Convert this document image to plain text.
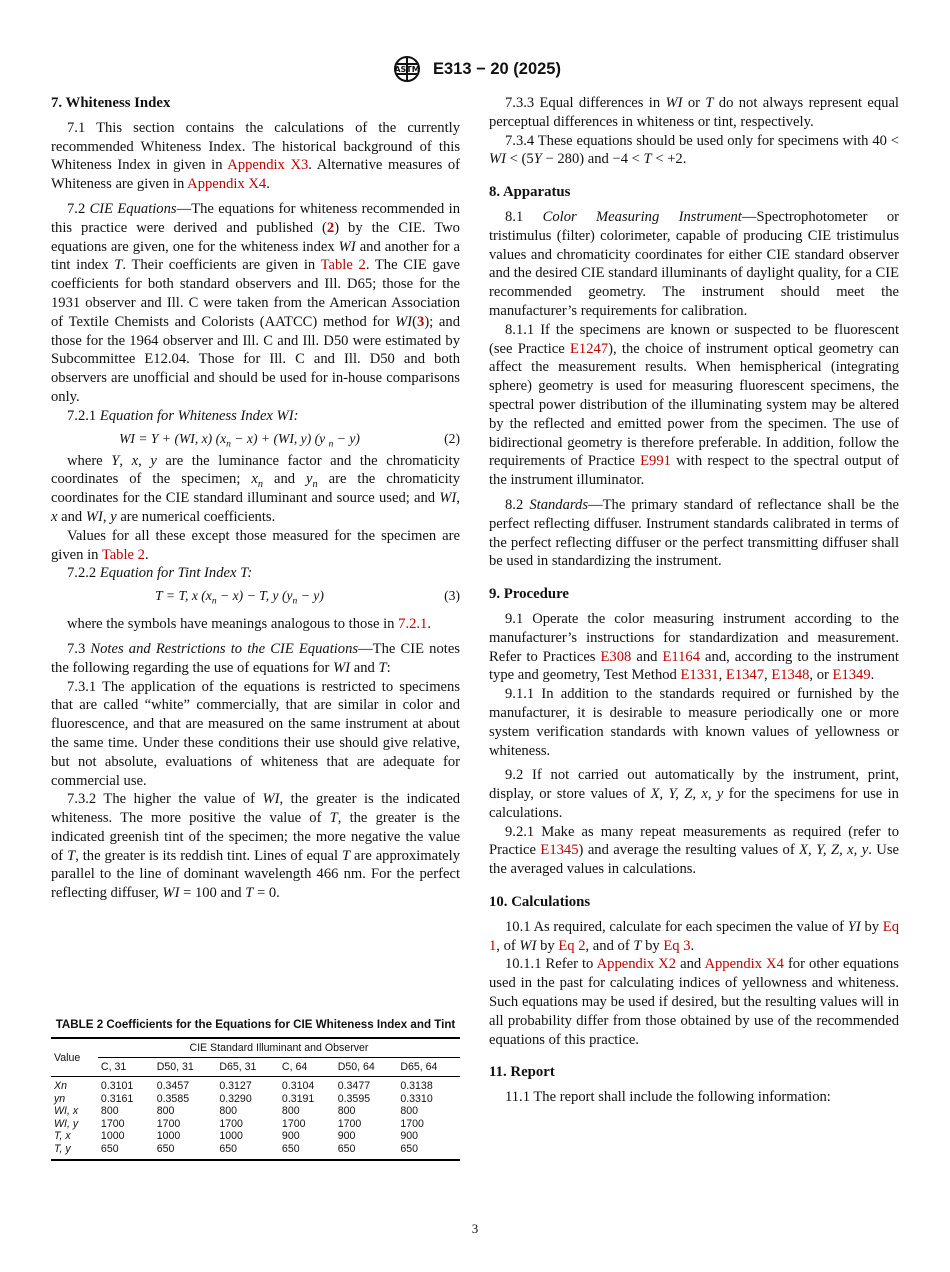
ASTM E313 − 20 (2025)
7. Whiteness Index

7.1 This section contains the calculations of the currently recommended Whiteness Index. The historical background of this Whiteness Index in given in Appendix X3. Alternative measures of Whiteness are given in Appendix X4.

7.2 CIE Equations—The equations for whiteness recommended in this practice were derived and published (2) by the CIE. Two equations are given, one for the whiteness index WI and another for a tint index T. Their coefficients are given in Table 2. The CIE gave coefficients for both standard observers and Ill. D65; those for the 1931 observer and Ill. C were taken from the American Association of Textile Chemists and Colorists (AATCC) method for WI(3); and those for the 1964 observer and Ill. C and Ill. D50 were estimated by Subcommittee E12.04. Those for Ill. C and Ill. D50 and both observers are unofficial and should be used for in-house comparisons only.

7.2.1 Equation for Whiteness Index WI:

WI = Y + (WI, x) $(x_n - x) + (WI$, y) (y $_n$ − y)	(2)

where Y, x, y are the luminance factor and the chromaticity coordinates of the specimen; $x_n$ and $y_n$ are the chromaticity coordinates for the CIE standard illuminant and source used; and WI, x and WI, y are numerical coefficients.

Values for all these except those measured for the specimen are given in Table 2.

7.2.2 Equation for Tint Index T:

T = T, x $(x_n - x) - T$, y $(y_n - y)$	(3)

where the symbols have meanings analogous to those in 7.2.1.

7.3 Notes and Restrictions to the CIE Equations—The CIE notes the following regarding the use of equations for WI and T:

7.3.1 The application of the equations is restricted to specimens that are called “white” commercially, that are similar in color and fluorescence, and that are measured on the same instrument at about the same time. Under these conditions their use should give relative, but not absolute, evaluations of whiteness that are adequate for commercial use.

7.3.2 The higher the value of WI, the greater is the indicated whiteness. The more positive the value of T, the greater is the indicated greenish tint of the specimen; the more negative the value of T, the greater is its reddish tint. Lines of equal T are approximately parallel to the line of dominant wavelength 466 nm. For the perfect reflecting diffuser, WI = 100 and T = 0.

TABLE 2 Coefficients for the Equations for CIE Whiteness Index and Tint
Value	CIE Standard Illuminant and Observer					
	C, 31	D50, 31	D65, 31	C, 64	D50, 64	D65, 64
Xn	0.3101	0.3457	0.3127	0.3104	0.3477	0.3138
yn	0.3161	0.3585	0.3290	0.3191	0.3595	0.3310
WI, x	800	800	800	800	800	800
WI, y	1700	1700	1700	1700	1700	1700
T, x	1000	1000	1000	900	900	900
T, y	650	650	650	650	650	650

7.3.3 Equal differences in WI or T do not always represent equal perceptual differences in whiteness or tint, respectively.

7.3.4 These equations should be used only for specimens with 40 < WI < (5Y − 280) and −4 < T < +2.

8. Apparatus

8.1 Color Measuring Instrument—Spectrophotometer or tristimulus (filter) colorimeter, capable of producing CIE tristimulus values and chromaticity coordinates for either CIE standard observer and the desired CIE standard illuminants of daylight quality, for a CIE recommended geometry. The instrument should meet the manufacturer’s requirements for calibration.

8.1.1 If the specimens are known or suspected to be fluorescent (see Practice E1247), the choice of instrument optical geometry can affect the measurement results. When hemispherical (integrating sphere) geometry is used for measuring fluorescent specimens, the spectral power distribution of the illuminating system may be altered by the reflected and emitted power from the specimen. The use of bidirectional geometry is therefore preferable. In addition, follow the requirements of Practice E991 with respect to the spectral output of the instrument illuminator.

8.2 Standards—The primary standard of reflectance shall be the perfect reflecting diffuser. Instrument standards calibrated in terms of the perfect reflecting diffuser or the perfect transmitting diffuser shall be used in standardizing the instrument.

9. Procedure

9.1 Operate the color measuring instrument according to the manufacturer’s instructions for standardization and measurement. Refer to Practices E308 and E1164 and, according to the instrument type and geometry, Test Method E1331, E1347, E1348, or E1349.

9.1.1 In addition to the standards required or furnished by the manufacturer, it is desirable to measure periodically one or more system verification standards with known values of yellowness or whiteness.

9.2 If not carried out automatically by the instrument, print, display, or store values of X, Y, Z, x, y for the specimens for use in calculations.

9.2.1 Make as many repeat measurements as required (refer to Practice E1345) and average the resulting values of X, Y, Z, x, y. Use the averaged values in calculations.

10. Calculations

10.1 As required, calculate for each specimen the value of YI by Eq 1, of WI by Eq 2, and of T by Eq 3.

10.1.1 Refer to Appendix X2 and Appendix X4 for other equations used in the past for calculating indices of yellowness and whiteness. Such equations may be used if desired, but the resulting values will in all probability differ from those obtained by use of the recommended equations of this practice.

11. Report

11.1 The report shall include the following information:

3
